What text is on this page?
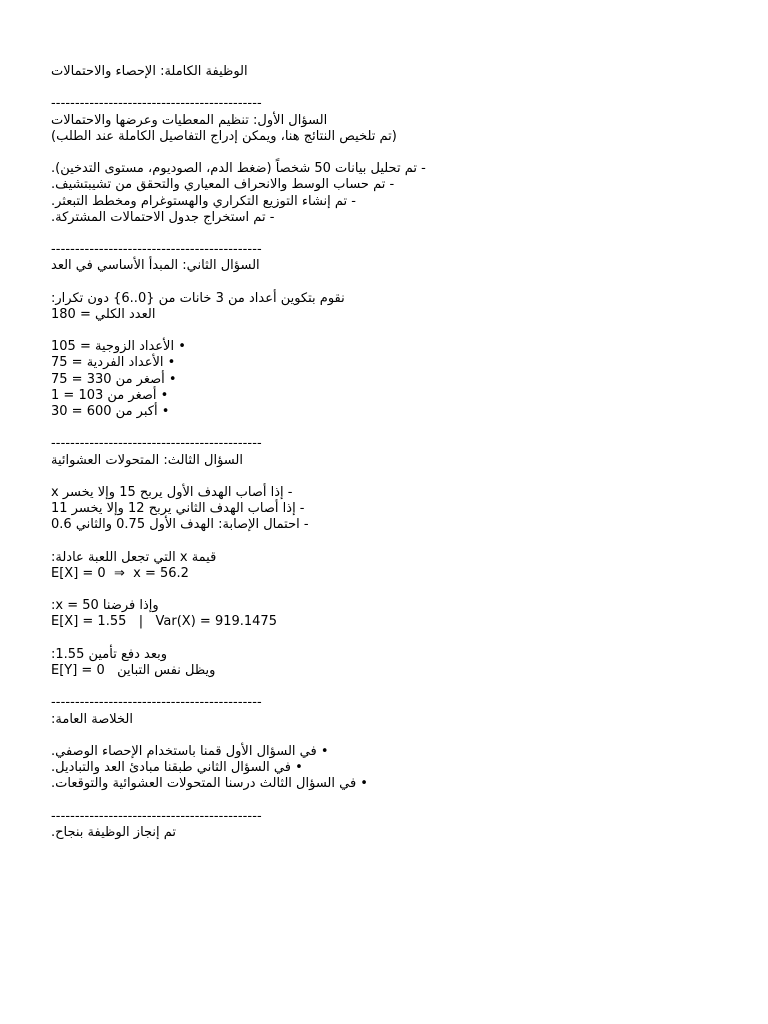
الوظيفة الكاملة: الإحصاء والاحتمالات
--------------------------------------------
السؤال الأول: تنظيم المعطيات وعرضها والاحتمالات
(تم تلخيص النتائج هنا، ويمكن إدراج التفاصيل الكاملة عند الطلب)
- تم تحليل بيانات 50 شخصاً (ضغط الدم، الصوديوم، مستوى التدخين).
- تم حساب الوسط والانحراف المعياري والتحقق من تشيبتشيف.
- تم إنشاء التوزيع التكراري والهستوغرام ومخطط التبعثر.
- تم استخراج جدول الاحتمالات المشتركة.
--------------------------------------------
السؤال الثاني: المبدأ الأساسي في العد
نقوم بتكوين أعداد من 3 خانات من {0..6} دون تكرار:
العدد الكلي = 180
• الأعداد الزوجية = 105
• الأعداد الفردية = 75
• أصغر من 330 = 75
• أصغر من 103 = 1
• أكبر من 600 = 30
--------------------------------------------
السؤال الثالث: المتحولات العشوائية
- إذا أصاب الهدف الأول يربح 15 وإلا يخسر x
- إذا أصاب الهدف الثاني يربح 12 وإلا يخسر 11
- احتمال الإصابة: الهدف الأول 0.75 والثاني 0.6
قيمة x التي تجعل اللعبة عادلة:
E[X] = 0  ⇒  x = 56.2
وإذا فرضنا x = 50:
E[X] = 1.55   |   Var(X) = 919.1475
وبعد دفع تأمين 1.55:
E[Y] = 0   ويظل نفس التباين
--------------------------------------------
الخلاصة العامة:
• في السؤال الأول قمنا باستخدام الإحصاء الوصفي.
• في السؤال الثاني طبقنا مبادئ العد والتباديل.
• في السؤال الثالث درسنا المتحولات العشوائية والتوقعات.
--------------------------------------------
تم إنجاز الوظيفة بنجاح.
